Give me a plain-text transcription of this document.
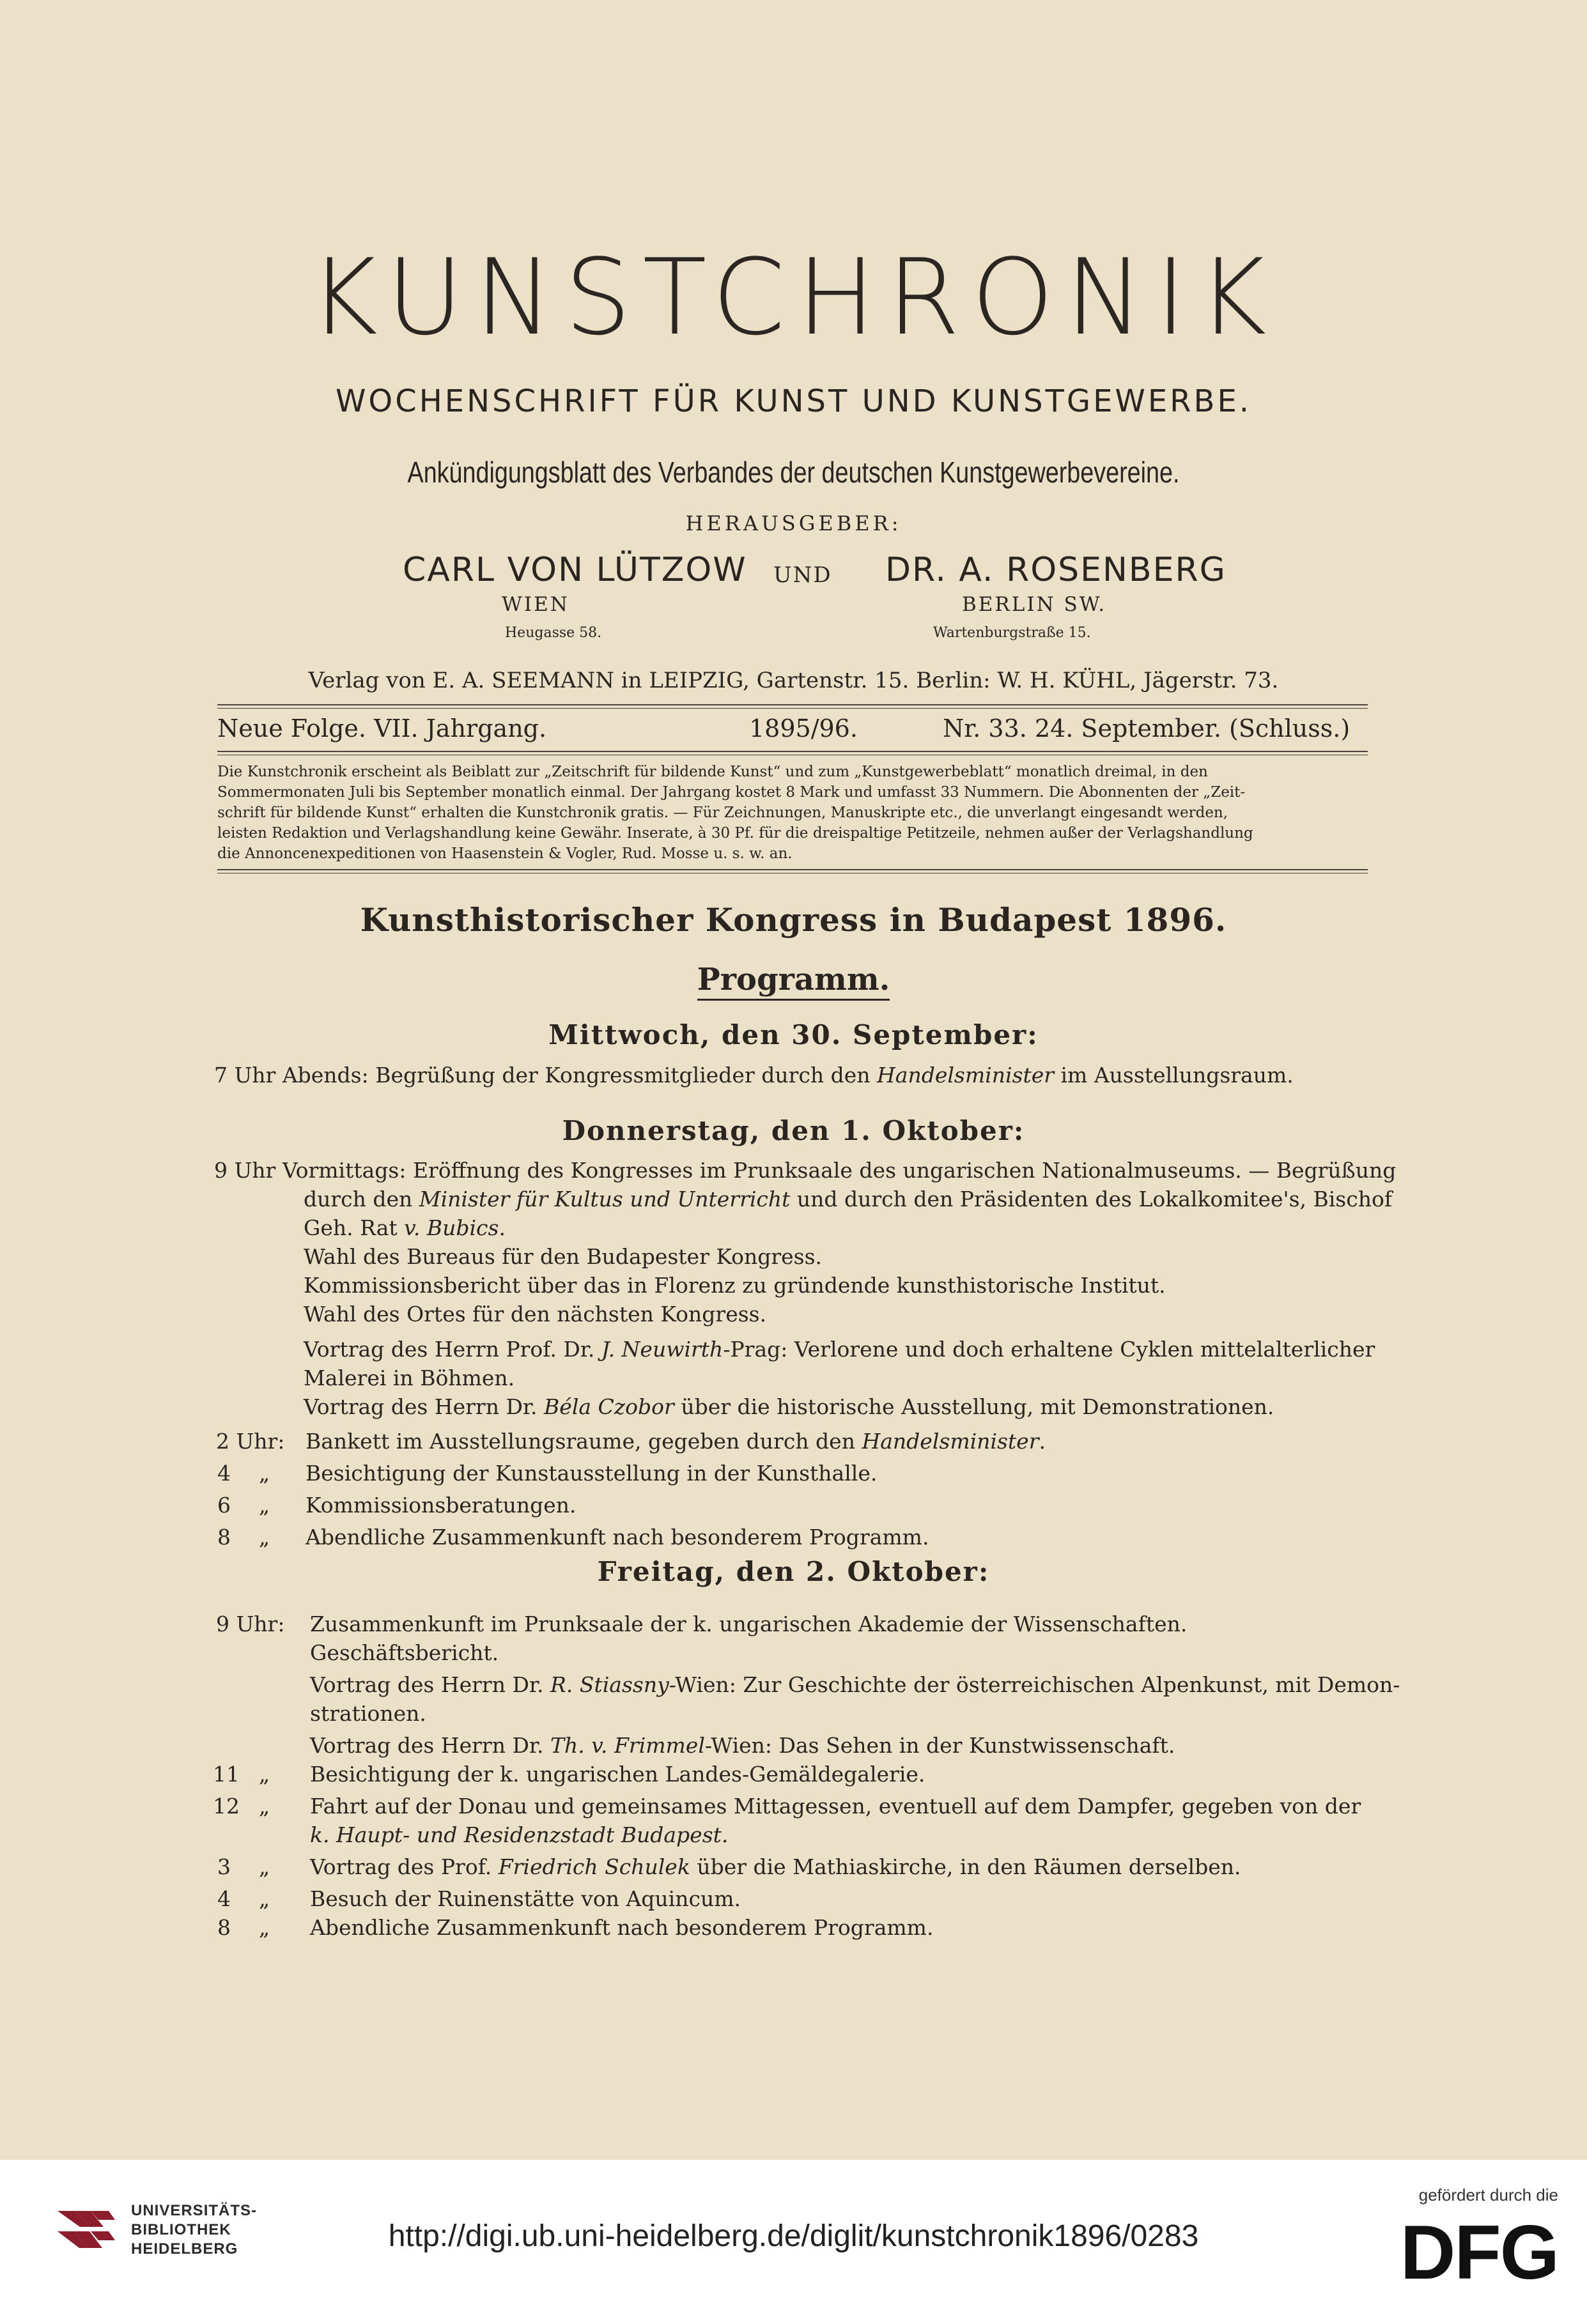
KUNSTCHRONIK
WOCHENSCHRIFT FÜR KUNST UND KUNSTGEWERBE.
Ankündigungsblatt des Verbandes der deutschen Kunstgewerbevereine.
HERAUSGEBER:
CARL VON LÜTZOW
WIEN
Heugasse 58.
UND DR. A. ROSENBERG
BERLIN SW.
Wartenburgstraße 15.
Verlag von E. A. SEEMANN in LEIPZIG, Gartenstr. 15. Berlin: W. H. KÜHL, Jägerstr. 73.
Neue Folge. VII. Jahrgang.	1895/96.	Nr. 33. 24. September. (Schluss.)
Die Kunstchronik erscheint als Beiblatt zur „Zeitschrift für bildende Kunst“ und zum „Kunstgewerbeblatt“ monatlich dreimal, in den
Sommermonaten Juli bis September monatlich einmal. Der Jahrgang kostet 8 Mark und umfasst 33 Nummern. Die Abonnenten der „Zeit-
schrift für bildende Kunst“ erhalten die Kunstchronik gratis. — Für Zeichnungen, Manuskripte etc., die unverlangt eingesandt werden,
leisten Redaktion und Verlagshandlung keine Gewähr. Inserate, à 30 Pf. für die dreispaltige Petitzeile, nehmen außer der Verlagshandlung
die Annoncenexpeditionen von Haasenstein & Vogler, Rud. Mosse u. s. w. an.
Kunsthistorischer Kongress in Budapest 1896.
Programm.
Mittwoch, den 30. September:
7 Uhr Abends: Begrüßung der Kongressmitglieder durch den Handelsminister im Ausstellungsraum.
Donnerstag, den 1. Oktober:
9 Uhr Vormittags: Eröffnung des Kongresses im Prunksaale des ungarischen Nationalmuseums. — Begrüßung
durch den Minister für Kultus und Unterricht und durch den Präsidenten des Lokalkomitee's, Bischof
Geh. Rat v. Bubics.
Wahl des Bureaus für den Budapester Kongress.
Kommissionsbericht über das in Florenz zu gründende kunsthistorische Institut.
Wahl des Ortes für den nächsten Kongress.
Vortrag des Herrn Prof. Dr. J. Neuwirth-Prag: Verlorene und doch erhaltene Cyklen mittelalterlicher
Malerei in Böhmen.
Vortrag des Herrn Dr. Béla Czobor über die historische Ausstellung, mit Demonstrationen.
2 Uhr: Bankett im Ausstellungsraume, gegeben durch den Handelsminister.
4 „ Besichtigung der Kunstausstellung in der Kunsthalle.
6 „ Kommissionsberatungen.
8 „ Abendliche Zusammenkunft nach besonderem Programm.
Freitag, den 2. Oktober:
9 Uhr: Zusammenkunft im Prunksaale der k. ungarischen Akademie der Wissenschaften.
Geschäftsbericht.
Vortrag des Herrn Dr. R. Stiassny-Wien: Zur Geschichte der österreichischen Alpenkunst, mit Demon-
strationen.
Vortrag des Herrn Dr. Th. v. Frimmel-Wien: Das Sehen in der Kunstwissenschaft.
11 „ Besichtigung der k. ungarischen Landes-Gemäldegalerie.
12 „ Fahrt auf der Donau und gemeinsames Mittagessen, eventuell auf dem Dampfer, gegeben von der
k. Haupt- und Residenzstadt Budapest.
3 „ Vortrag des Prof. Friedrich Schulek über die Mathiaskirche, in den Räumen derselben.
4 „ Besuch der Ruinenstätte von Aquincum.
8 „ Abendliche Zusammenkunft nach besonderem Programm.
UNIVERSITÄTS-
BIBLIOTHEK
HEIDELBERG	http://digi.ub.uni-heidelberg.de/diglit/kunstchronik1896/0283
gefördert durch die
DFG
